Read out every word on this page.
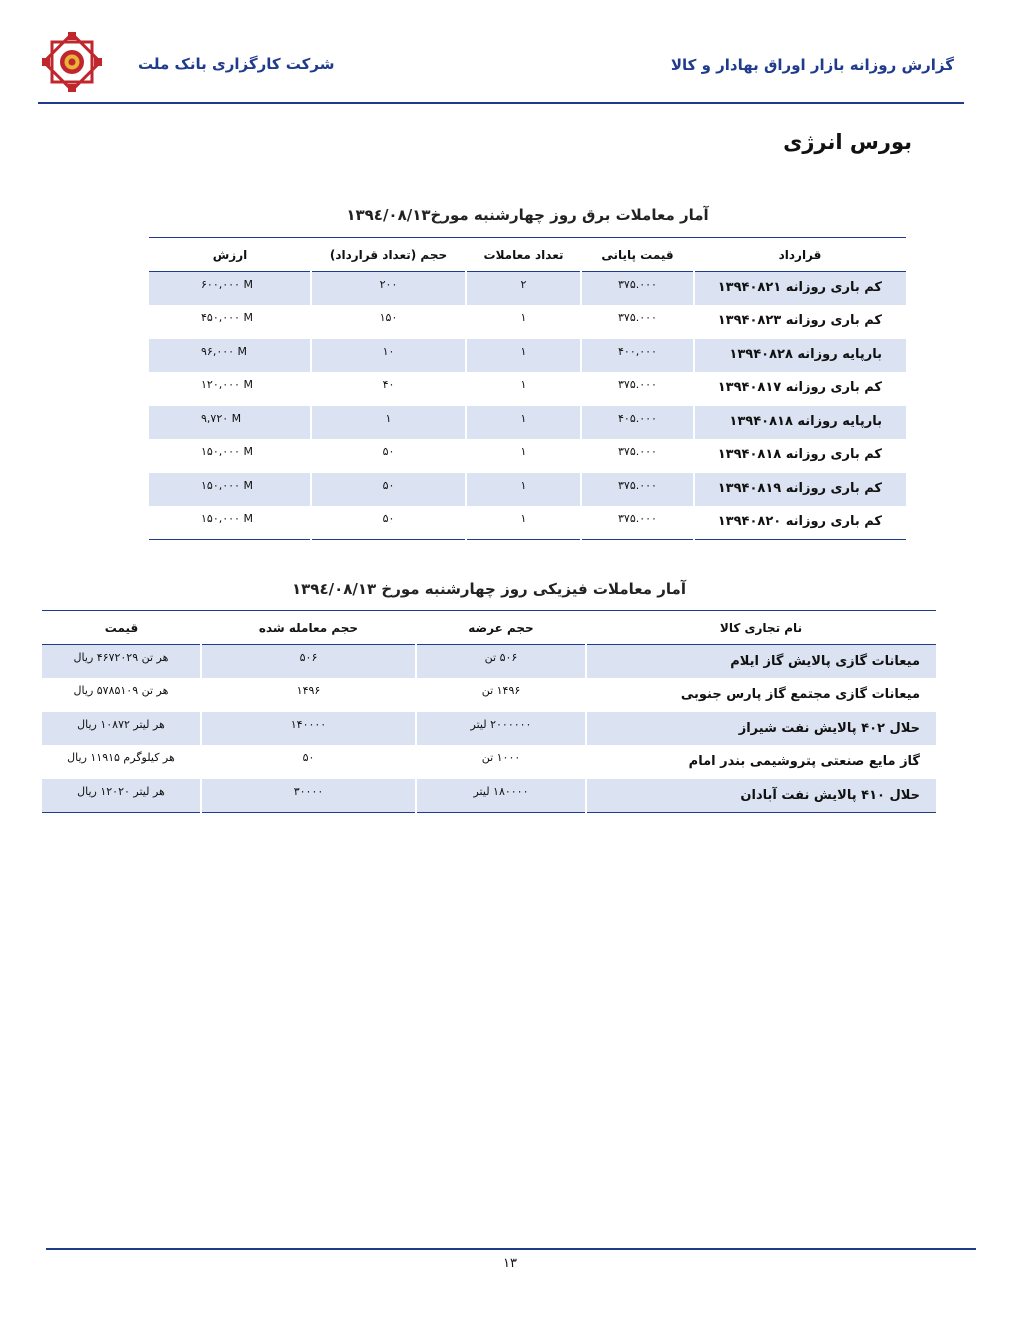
شرکت کارگزاری بانک ملت	گزارش روزانه بازار اوراق بهادار و کالا
بورس انرژی
آمار معاملات برق روز چهارشنبه مورخ۱۳۹٤/۰۸/۱۳
قرارداد	قیمت پایانی	تعداد معاملات	حجم (تعداد قرارداد)	ارزش
کم باری روزانه ۱۳۹۴۰۸۲۱	۳۷۵.۰۰۰	۲	۲۰۰	۶۰۰,۰۰۰ M
کم باری روزانه ۱۳۹۴۰۸۲۳	۳۷۵.۰۰۰	۱	۱۵۰	۴۵۰,۰۰۰ M
بارپایه روزانه ۱۳۹۴۰۸۲۸	۴۰۰,۰۰۰	۱	۱۰	۹۶,۰۰۰ M
کم باری روزانه ۱۳۹۴۰۸۱۷	۳۷۵.۰۰۰	۱	۴۰	۱۲۰,۰۰۰ M
بارپایه روزانه ۱۳۹۴۰۸۱۸	۴۰۵.۰۰۰	۱	۱	۹,۷۲۰ M
کم باری روزانه ۱۳۹۴۰۸۱۸	۳۷۵.۰۰۰	۱	۵۰	۱۵۰,۰۰۰ M
کم باری روزانه ۱۳۹۴۰۸۱۹	۳۷۵.۰۰۰	۱	۵۰	۱۵۰,۰۰۰ M
کم باری روزانه ۱۳۹۴۰۸۲۰	۳۷۵.۰۰۰	۱	۵۰	۱۵۰,۰۰۰ M
آمار معاملات فیزیکی روز چهارشنبه مورخ ۱۳۹٤/۰۸/۱۳
نام تجاری کالا	حجم عرضه	حجم معامله شده	قیمت
میعانات گازی پالایش گاز ایلام	۵۰۶ تن	۵۰۶	هر تن ۴۶۷۲۰۲۹ ریال
میعانات گازی مجتمع گاز پارس جنوبی	۱۴۹۶ تن	۱۴۹۶	هر تن ۵۷۸۵۱۰۹ ریال
حلال ۴۰۲ پالایش نفت شیراز	۲۰۰۰۰۰۰ لیتر	۱۴۰۰۰۰	هر لیتر ۱۰۸۷۲ ریال
گاز مایع صنعتی پتروشیمی بندر امام	۱۰۰۰ تن	۵۰	هر کیلوگرم ۱۱۹۱۵ ریال
حلال ۴۱۰ پالایش نفت آبادان	۱۸۰۰۰۰ لیتر	۳۰۰۰۰	هر لیتر ۱۲۰۲۰ ریال
۱۳
